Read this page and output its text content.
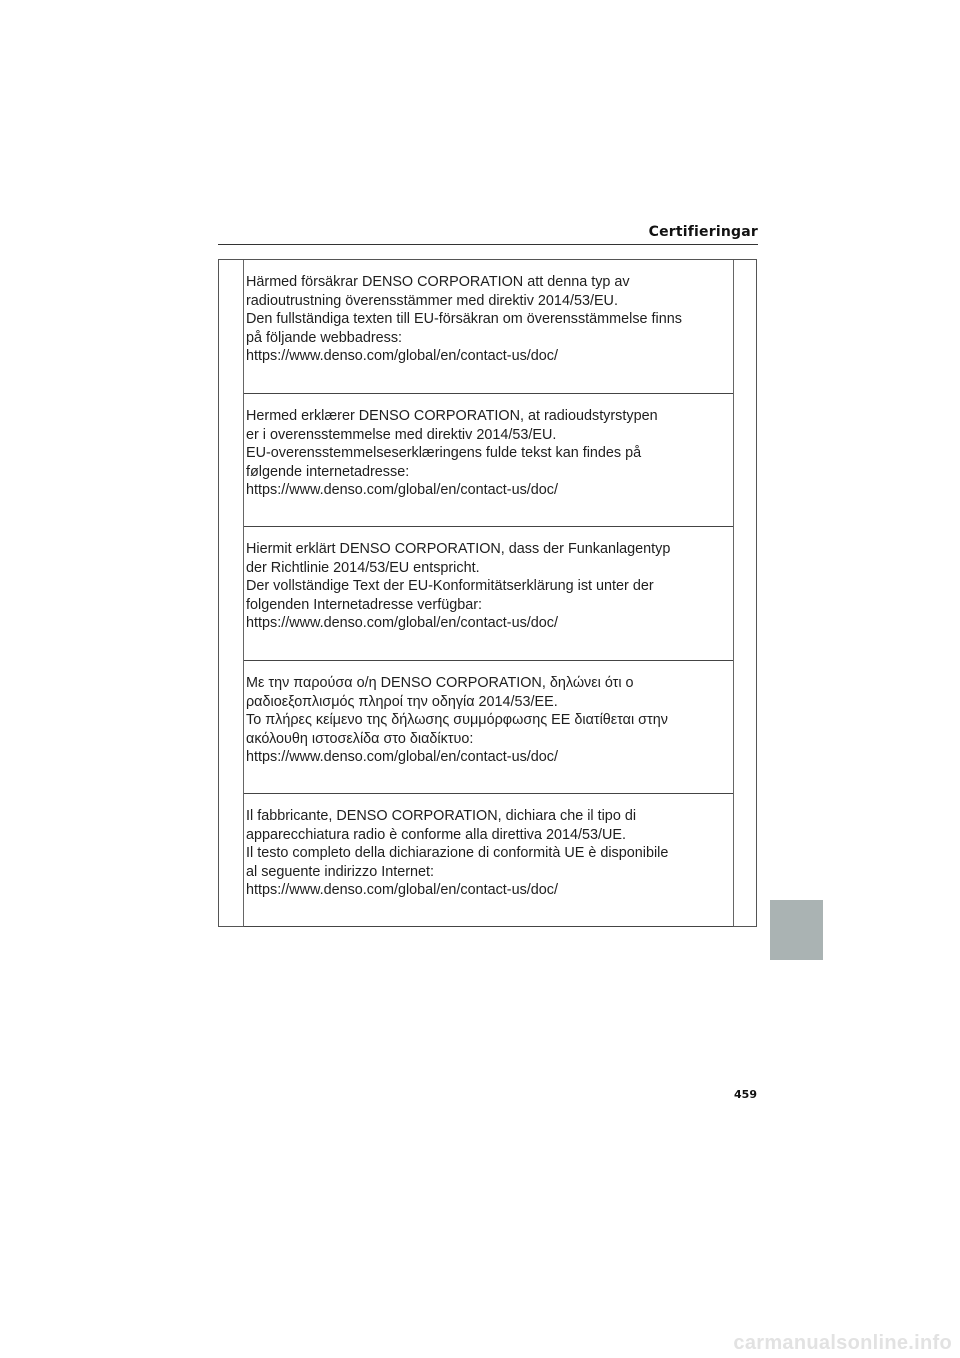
Certifieringar
Härmed försäkrar DENSO CORPORATION att denna typ av
radioutrustning överensstämmer med direktiv 2014/53/EU.
Den fullständiga texten till EU-försäkran om överensstämmelse finns
på följande webbadress:
https://www.denso.com/global/en/contact-us/doc/
Hermed erklærer DENSO CORPORATION, at radioudstyrstypen
er i overensstemmelse med direktiv 2014/53/EU.
EU-overensstemmelseserklæringens fulde tekst kan findes på
følgende internetadresse:
https://www.denso.com/global/en/contact-us/doc/
Hiermit erklärt DENSO CORPORATION, dass der Funkanlagentyp
der Richtlinie 2014/53/EU entspricht.
Der vollständige Text der EU-Konformitätserklärung ist unter der
folgenden Internetadresse verfügbar:
https://www.denso.com/global/en/contact-us/doc/
Με την παρούσα ο/η DENSO CORPORATION, δηλώνει ότι ο
ραδιοεξοπλισμός πληροί την οδηγία 2014/53/ΕΕ.
Το πλήρες κείμενο της δήλωσης συμμόρφωσης ΕΕ διατίθεται στην
ακόλουθη ιστοσελίδα στο διαδίκτυο:
https://www.denso.com/global/en/contact-us/doc/
Il fabbricante, DENSO CORPORATION, dichiara che il tipo di
apparecchiatura radio è conforme alla direttiva 2014/53/UE.
Il testo completo della dichiarazione di conformità UE è disponibile
al seguente indirizzo Internet:
https://www.denso.com/global/en/contact-us/doc/
459
carmanualsonline.info
